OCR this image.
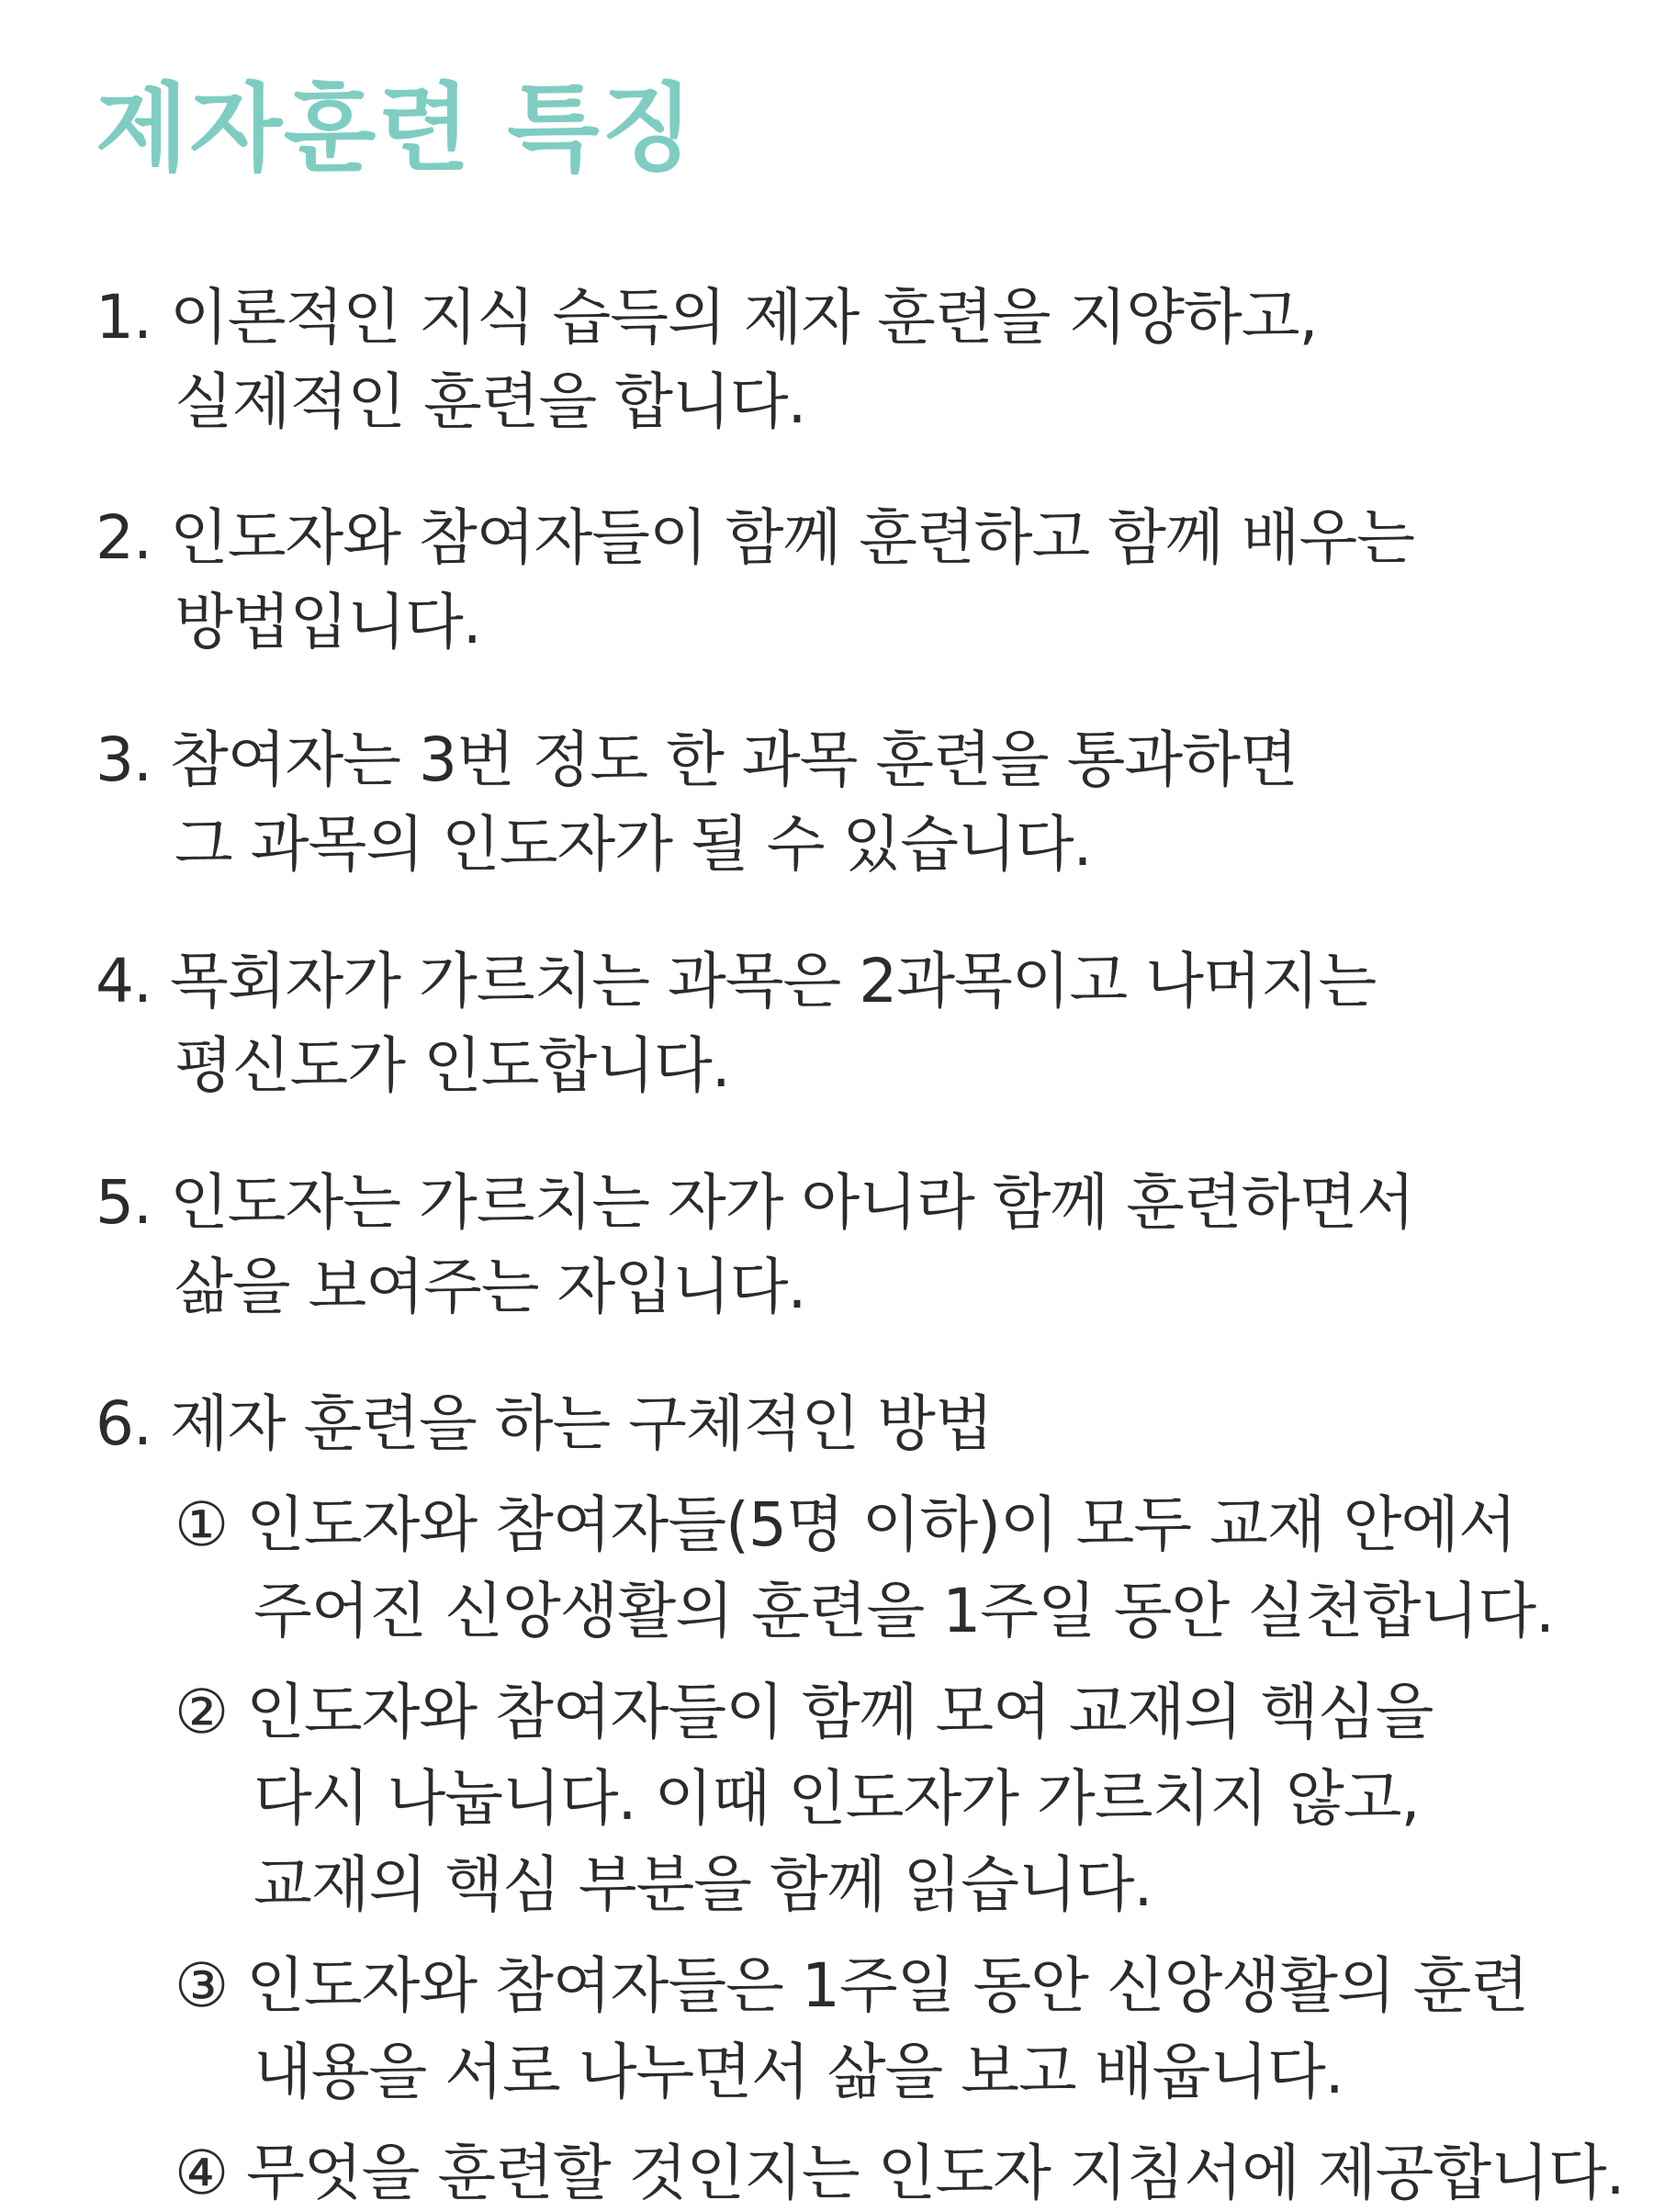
제자훈련 특징
1. 이론적인 지식 습득의 제자 훈련을 지양하고,
실제적인 훈련을 합니다.
2. 인도자와 참여자들이 함께 훈련하고 함께 배우는
방법입니다.
3. 참여자는 3번 정도 한 과목 훈련을 통과하면
그 과목의 인도자가 될 수 있습니다.
4. 목회자가 가르치는 과목은 2과목이고 나머지는
평신도가 인도합니다.
5. 인도자는 가르치는 자가 아니라 함께 훈련하면서
삶을 보여주는 자입니다.
6. 제자 훈련을 하는 구체적인 방법
① 인도자와 참여자들(5명 이하)이 모두 교재 안에서
주어진 신앙생활의 훈련을 1주일 동안 실천합니다.
② 인도자와 참여자들이 함께 모여 교재의 핵심을
다시 나눕니다. 이때 인도자가 가르치지 않고,
교재의 핵심 부분을 함께 읽습니다.
③ 인도자와 참여자들은 1주일 동안 신앙생활의 훈련
내용을 서로 나누면서 삶을 보고 배웁니다.
④ 무엇을 훈련할 것인지는 인도자 지침서에 제공합니다.
